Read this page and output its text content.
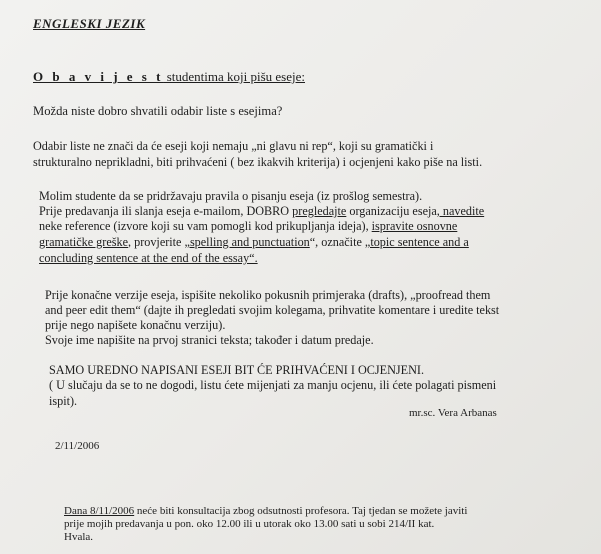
ENGLESKI JEZIK
O b a v i j e s t studentima koji pišu eseje:
Možda niste dobro shvatili odabir liste s esejima?
Odabir liste ne znači da će eseji koji nemaju „ni glavu ni rep“, koji su gramatički i
strukturalno neprikladni, biti prihvaćeni ( bez ikakvih kriterija) i ocjenjeni kako piše na listi.
Molim studente da se pridržavaju pravila o pisanju eseja (iz prošlog semestra).
Prije predavanja ili slanja eseja e-mailom, DOBRO pregledajte organizaciju eseja, navedite
neke reference (izvore koji su vam pomogli kod prikupljanja ideja), ispravite osnovne
gramatičke greške, provjerite „spelling and punctuation“, označite „topic sentence and a
concluding sentence at the end of the essay“.
Prije konačne verzije eseja, ispišite nekoliko pokusnih primjeraka (drafts), „proofread them
and peer edit them“ (dajte ih pregledati svojim kolegama, prihvatite komentare i uredite tekst
prije nego napišete konačnu verziju).
Svoje ime napišite na prvoj stranici teksta; također i datum predaje.
SAMO UREDNO NAPISANI ESEJI BIT ĆE PRIHVAĆENI I OCJENJENI.
( U slučaju da se to ne dogodi, listu ćete mijenjati za manju ocjenu, ili ćete polagati pismeni
ispit).
mr.sc. Vera Arbanas
2/11/2006
Dana 8/11/2006 neće biti konsultacija zbog odsutnosti profesora. Taj tjedan se možete javiti
prije mojih predavanja u pon. oko 12.00 ili u utorak oko 13.00 sati u sobi 214/II kat.
Hvala.
